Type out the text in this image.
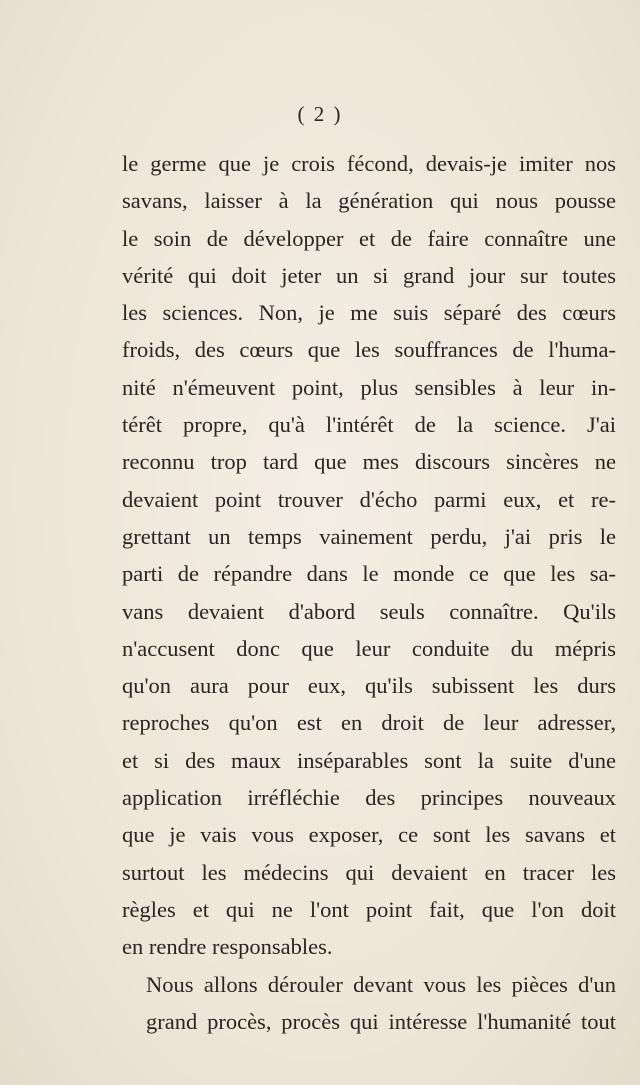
( 2 )
le germe que je crois fécond, devais-je imiter nos
savans, laisser à la génération qui nous pousse
le soin de développer et de faire connaître une
vérité qui doit jeter un si grand jour sur toutes
les sciences. Non, je me suis séparé des cœurs
froids, des cœurs que les souffrances de l'huma-
nité n'émeuvent point, plus sensibles à leur in-
térêt propre, qu'à l'intérêt de la science. J'ai
reconnu trop tard que mes discours sincères ne
devaient point trouver d'écho parmi eux, et re-
grettant un temps vainement perdu, j'ai pris le
parti de répandre dans le monde ce que les sa-
vans devaient d'abord seuls connaître. Qu'ils
n'accusent donc que leur conduite du mépris
qu'on aura pour eux, qu'ils subissent les durs
reproches qu'on est en droit de leur adresser,
et si des maux inséparables sont la suite d'une
application irréfléchie des principes nouveaux
que je vais vous exposer, ce sont les savans et
surtout les médecins qui devaient en tracer les
règles et qui ne l'ont point fait, que l'on doit
en rendre responsables.
Nous allons dérouler devant vous les pièces d'un
grand procès, procès qui intéresse l'humanité tout
